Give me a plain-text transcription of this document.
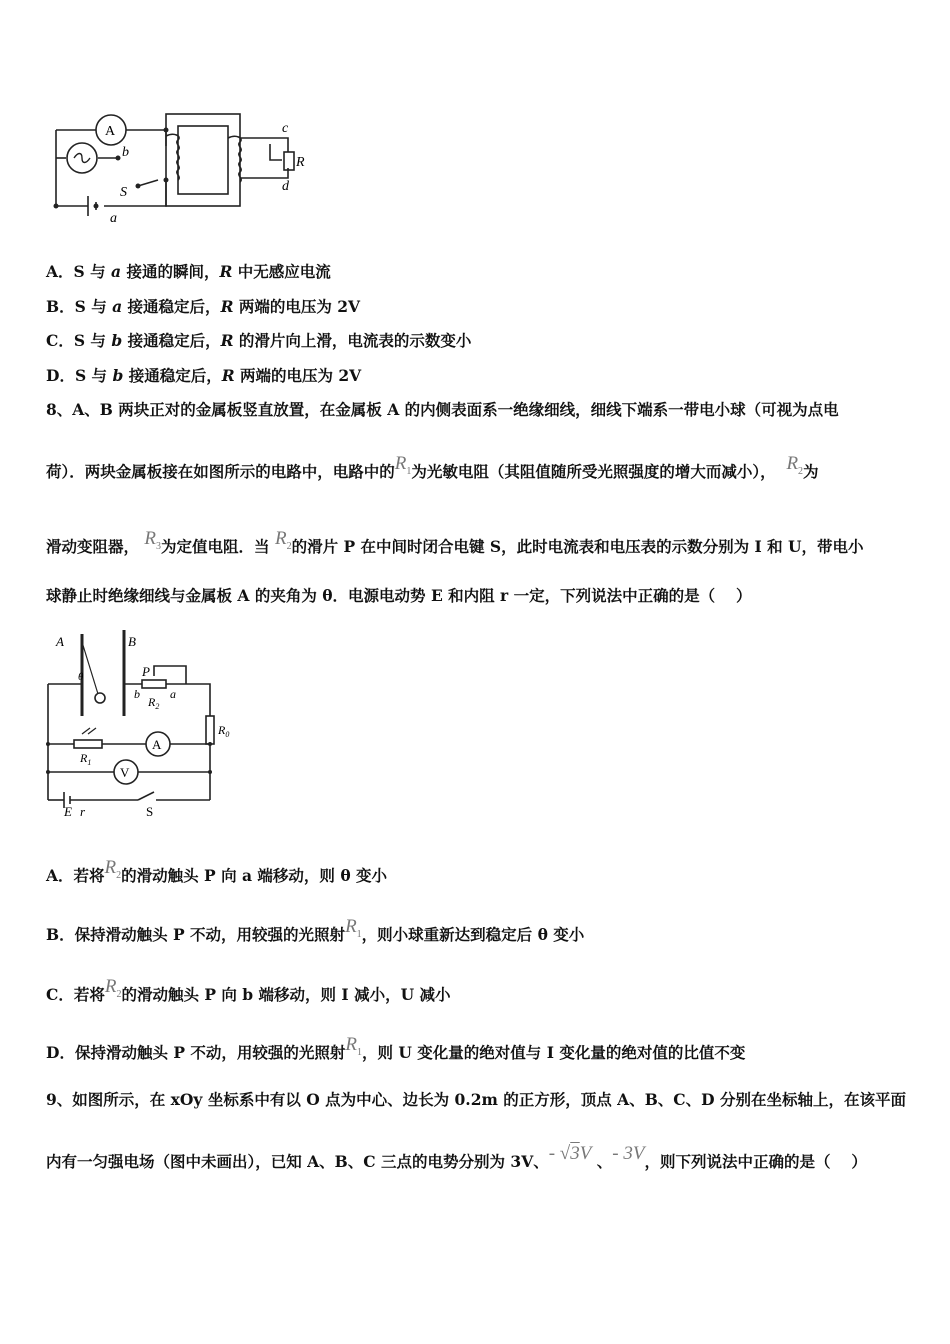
A
b
S
a
c
R
d
A．S 与 a 接通的瞬间，R 中无感应电流
B．S 与 a 接通稳定后，R 两端的电压为 2V
C．S 与 b 接通稳定后，R 的滑片向上滑，电流表的示数变小
D．S 与 b 接通稳定后，R 两端的电压为 2V
8、A、B 两块正对的金属板竖直放置，在金属板 A 的内侧表面系一绝缘细线，细线下端系一带电小球（可视为点电
荷）．两块金属板接在如图所示的电路中，电路中的$R_1$为光敏电阻（其阻值随所受光照强度的增大而减小）， $R_2$为
滑动变阻器， $R_3$为定值电阻．当 $R_2$的滑片 P 在中间时闭合电键 S，此时电流表和电压表的示数分别为 I 和 U，带电小
球静止时绝缘细线与金属板 A 的夹角为 θ．电源电动势 E 和内阻 r 一定，下列说法中正确的是（　 ）
A
V
A	B
θ	P
b	a
$R_2$
$R_0$
$R_1$
E r	S
A．若将$R_2$的滑动触头 P 向 a 端移动，则 θ 变小
B．保持滑动触头 P 不动，用较强的光照射$R_1$，则小球重新达到稳定后 θ 变小
C．若将$R_2$的滑动触头 P 向 b 端移动，则 I 减小，U 减小
D．保持滑动触头 P 不动，用较强的光照射$R_1$，则 U 变化量的绝对值与 I 变化量的绝对值的比值不变
9、如图所示，在 xOy 坐标系中有以 O 点为中心、边长为 0.2m 的正方形，顶点 A、B、C、D 分别在坐标轴上，在该平面
内有一匀强电场（图中未画出），已知 A、B、C 三点的电势分别为 3V、- √3V 、- 3V，则下列说法中正确的是（　 ）
